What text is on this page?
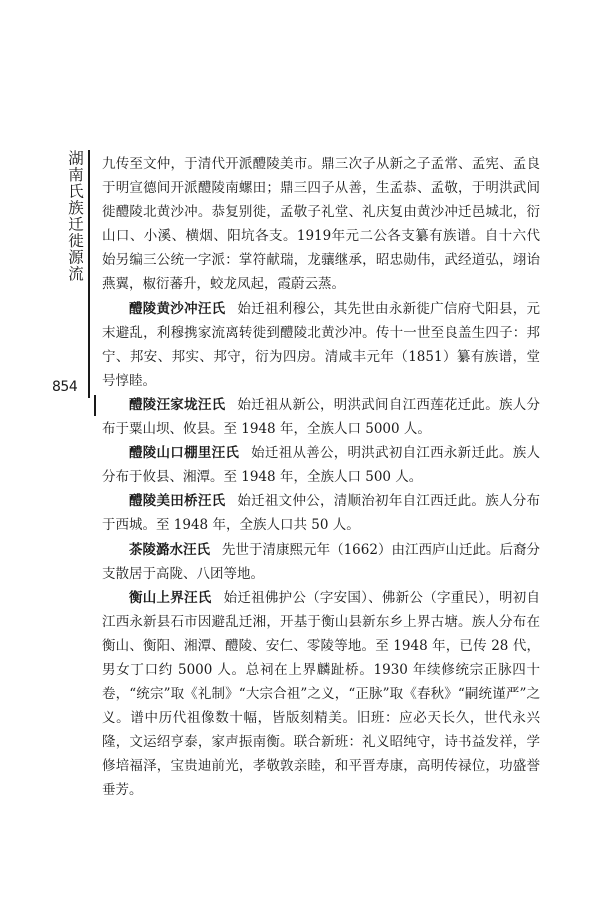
湖南氏族迁徙源流
854

九传至文仲，于清代开派醴陵美市。鼎三次子从新之子孟常、孟宪、孟良于明宣德间开派醴陵南螺田；鼎三四子从善，生孟恭、孟敬，于明洪武间徙醴陵北黄沙冲。恭复别徙，孟敬子礼堂、礼庆复由黄沙冲迁邑城北，衍山口、小溪、横烟、阳坑各支。1919年元二公各支纂有族谱。自十六代始另编三公统一字派：掌符献瑞，龙骧继承，昭忠勋伟，武经道弘，翊诒燕翼，椒衍蕃升，蛟龙凤起，霞蔚云蒸。

醴陵黄沙冲汪氏 始迁祖利穆公，其先世由永新徙广信府弋阳县，元末避乱，利穆携家流离转徙到醴陵北黄沙冲。传十一世至良盖生四子：邦宁、邦安、邦实、邦守，衍为四房。清咸丰元年（1851）纂有族谱，堂号惇睦。

醴陵汪家垅汪氏 始迁祖从新公，明洪武间自江西莲花迁此。族人分布于粟山坝、攸县。至 1948 年，全族人口 5000 人。

醴陵山口棚里汪氏 始迁祖从善公，明洪武初自江西永新迁此。族人分布于攸县、湘潭。至 1948 年，全族人口 500 人。

醴陵美田桥汪氏 始迁祖文仲公，清顺治初年自江西迁此。族人分布于西城。至 1948 年，全族人口共 50 人。

茶陵潞水汪氏 先世于清康熙元年（1662）由江西庐山迁此。后裔分支散居于高陇、八团等地。

衡山上界汪氏 始迁祖佛护公（字安国）、佛新公（字重民），明初自江西永新县石市因避乱迁湘，开基于衡山县新东乡上界古塘。族人分布在衡山、衡阳、湘潭、醴陵、安仁、零陵等地。至 1948 年，已传 28 代，男女丁口约 5000 人。总祠在上界麟趾桥。1930 年续修统宗正脉四十卷，“统宗”取《礼制》“大宗合祖”之义，“正脉”取《春秋》“嗣统谨严”之义。谱中历代祖像数十幅，皆版刻精美。旧班：应必天长久，世代永兴隆，文运绍亨泰，家声振南衡。联合新班：礼义昭纯守，诗书益发祥，学修培福泽，宝贵迪前光，孝敬敦亲睦，和平晋寿康，高明传禄位，功盛誉垂芳。
